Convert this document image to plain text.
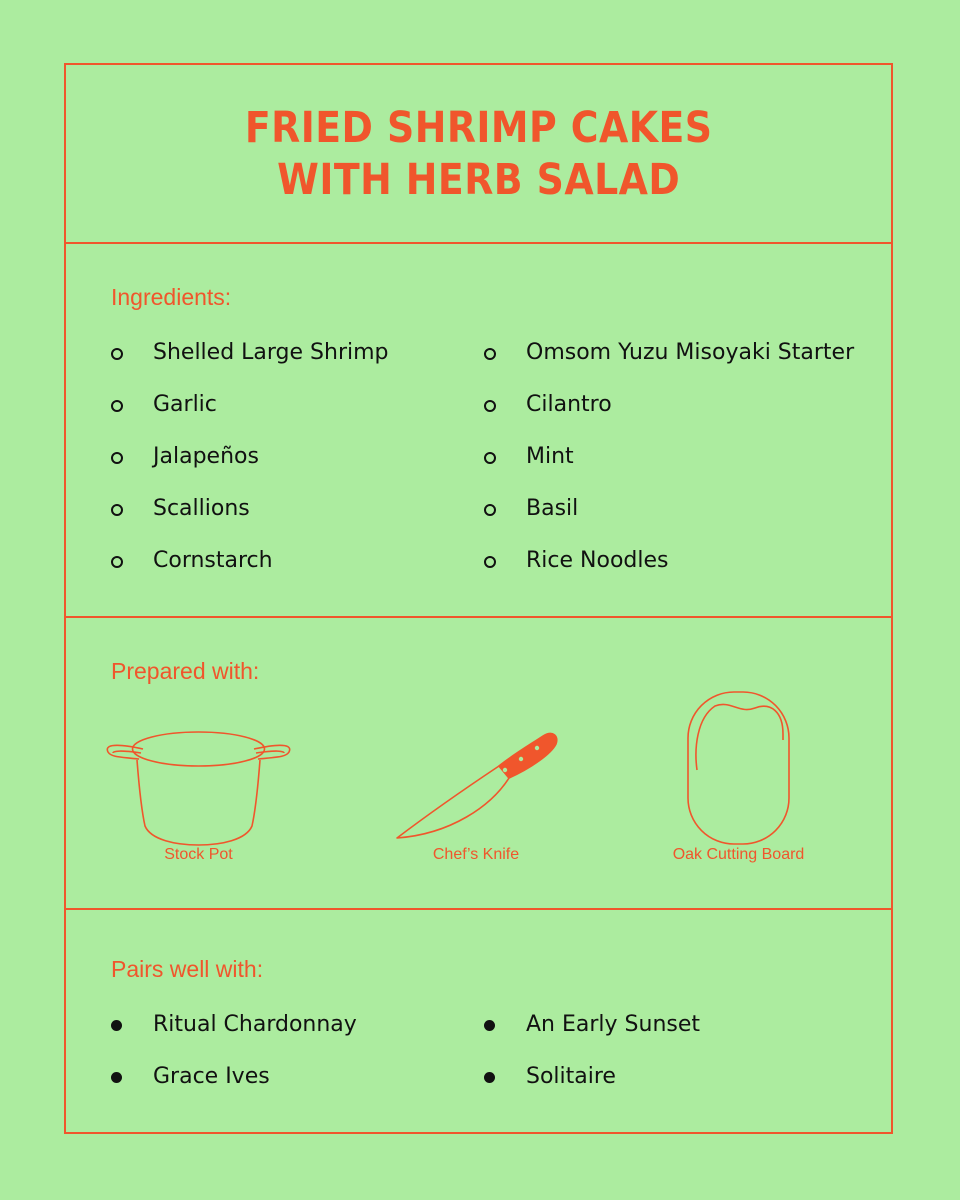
FRIED SHRIMP CAKES
WITH HERB SALAD
Ingredients:
Shelled Large Shrimp
Garlic
Jalapeños
Scallions
Cornstarch
Omsom Yuzu Misoyaki Starter
Cilantro
Mint
Basil
Rice Noodles
Prepared with:
Stock Pot	Chef’s Knife	Oak Cutting Board
Pairs well with:
Ritual Chardonnay
Grace Ives
An Early Sunset
Solitaire
